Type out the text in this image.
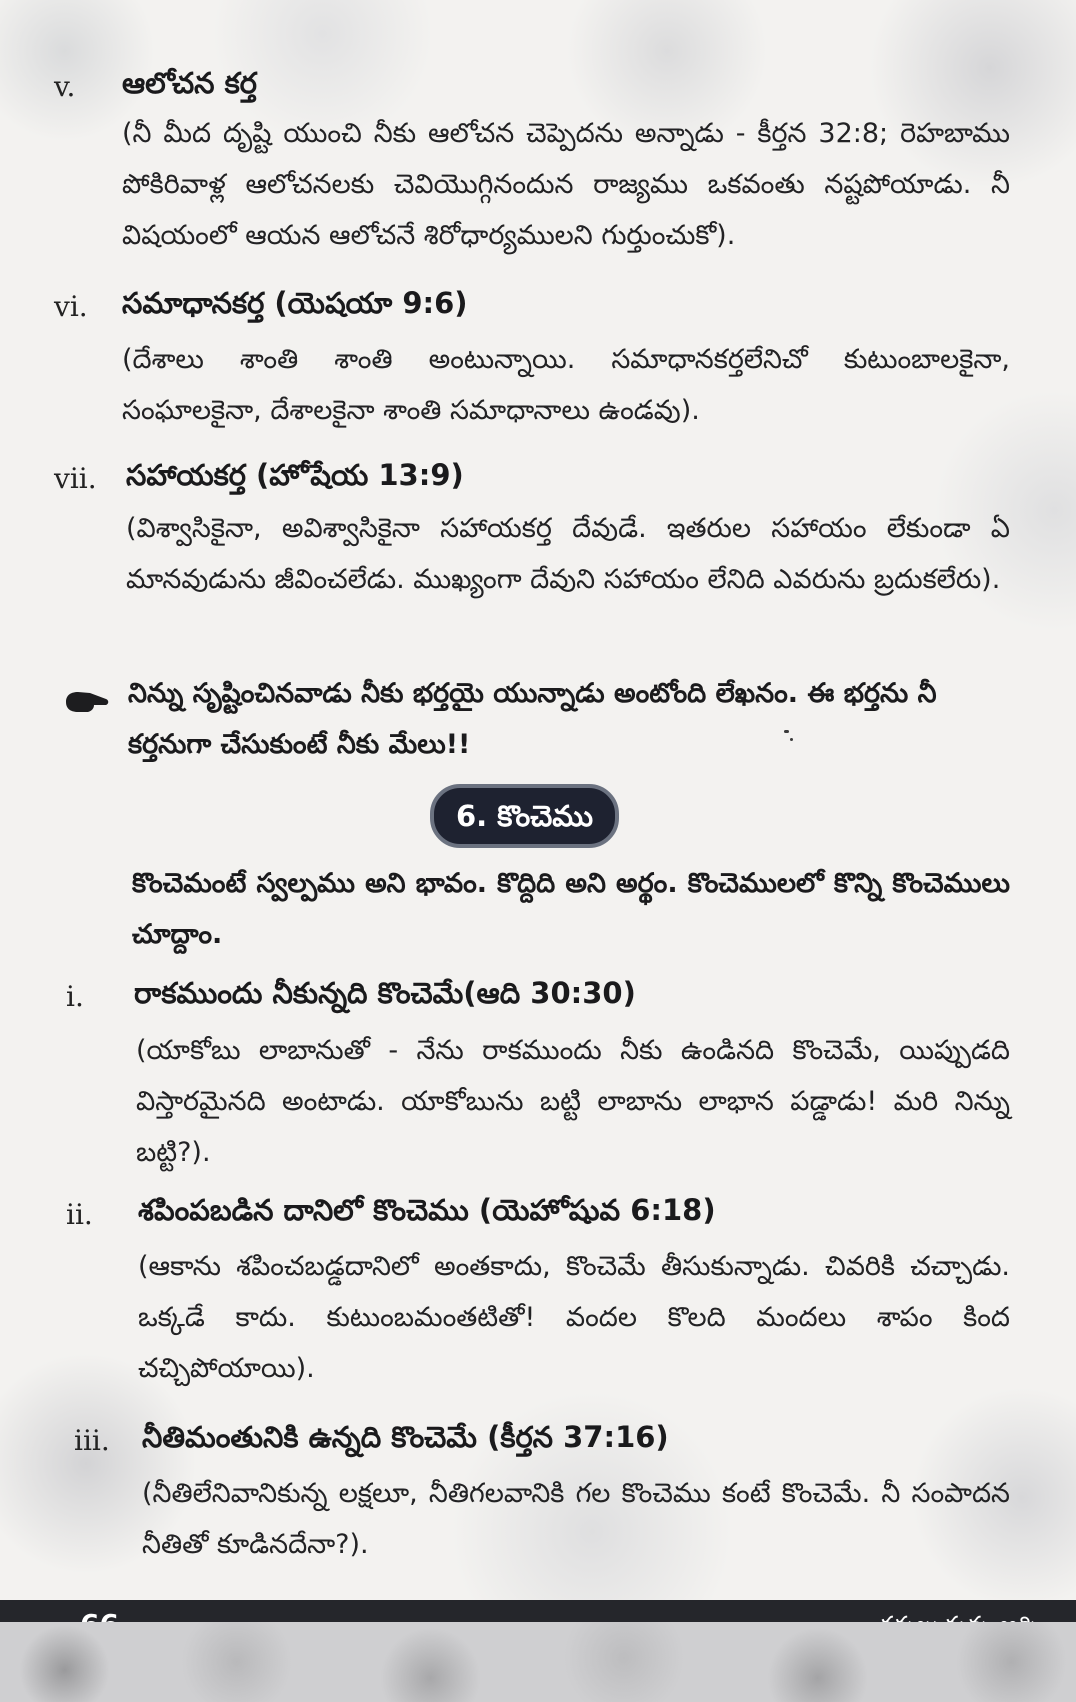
v. ఆలోచన కర్త
(నీ మీద దృష్టి యుంచి నీకు ఆలోచన చెప్పెదను అన్నాడు - కీర్తన 32:8; రెహబాము పోకిరివాళ్ల ఆలోచనలకు చెవియొగ్గినందున రాజ్యము ఒకవంతు నష్టపోయాడు. నీ విషయంలో ఆయన ఆలోచనే శిరోధార్యములని గుర్తుంచుకో).
vi. సమాధానకర్త (యెషయా 9:6)
(దేశాలు శాంతి శాంతి అంటున్నాయి. సమాధానకర్తలేనిచో కుటుంబాలకైనా, సంఘాలకైనా, దేశాలకైనా శాంతి సమాధానాలు ఉండవు).
vii. సహాయకర్త (హోషేయ 13:9)
(విశ్వాసికైనా, అవిశ్వాసికైనా సహాయకర్త దేవుడే. ఇతరుల సహాయం లేకుండా ఏ మానవుడును జీవించలేడు. ముఖ్యంగా దేవుని సహాయం లేనిది ఎవరును బ్రదుకలేరు).
నిన్ను సృష్టించినవాడు నీకు భర్తయై యున్నాడు అంటోంది లేఖనం. ఈ భర్తను నీ కర్తనుగా చేసుకుంటే నీకు మేలు!!
6. కొంచెము
కొంచెమంటే స్వల్పము అని భావం. కొద్దిది అని అర్థం. కొంచెములలో కొన్ని కొంచెములు చూద్దాం.
i. రాకముందు నీకున్నది కొంచెమే(ఆది 30:30)
(యాకోబు లాబానుతో - నేను రాకముందు నీకు ఉండినది కొంచెమే, యిప్పుడది విస్తారమైనది అంటాడు. యాకోబును బట్టి లాబాను లాభాన పడ్డాడు! మరి నిన్ను బట్టి?).
ii. శపింపబడిన దానిలో కొంచెము (యెహోషువ 6:18)
(ఆకాను శపించబడ్డదానిలో అంతకాదు, కొంచెమే తీసుకున్నాడు. చివరికి చచ్చాడు. ఒక్కడే కాదు. కుటుంబమంతటితో! వందల కొలది మందలు శాపం కింద చచ్చిపోయాయి).
iii. నీతిమంతునికి ఉన్నది కొంచెమే (కీర్తన 37:16)
(నీతిలేనివానికున్న లక్షలూ, నీతిగలవానికి గల కొంచెము కంటే కొంచెమే. నీ సంపాదన నీతితో కూడినదేనా?).
